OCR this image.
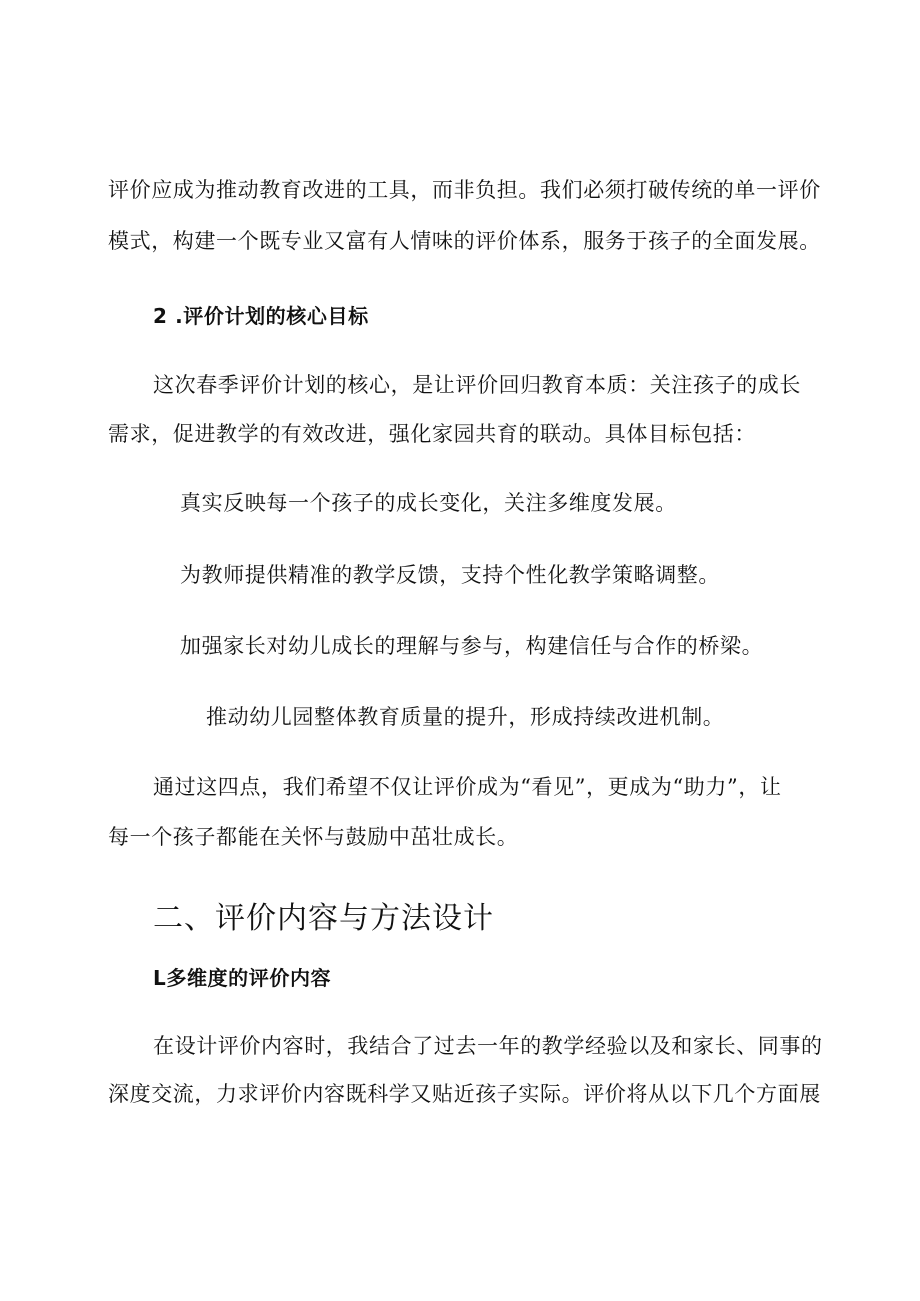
评价应成为推动教育改进的工具，而非负担。我们必须打破传统的单一评价
模式，构建一个既专业又富有人情味的评价体系，服务于孩子的全面发展。
2 .评价计划的核心目标
这次春季评价计划的核心，是让评价回归教育本质：关注孩子的成长
需求，促进教学的有效改进，强化家园共育的联动。具体目标包括：
真实反映每一个孩子的成长变化，关注多维度发展。
为教师提供精准的教学反馈，支持个性化教学策略调整。
加强家长对幼儿成长的理解与参与，构建信任与合作的桥梁。
推动幼儿园整体教育质量的提升，形成持续改进机制。
通过这四点，我们希望不仅让评价成为“看见”，更成为“助力”，让
每一个孩子都能在关怀与鼓励中茁壮成长。
二、评价内容与方法设计
L多维度的评价内容
在设计评价内容时，我结合了过去一年的教学经验以及和家长、同事的
深度交流，力求评价内容既科学又贴近孩子实际。评价将从以下几个方面展
